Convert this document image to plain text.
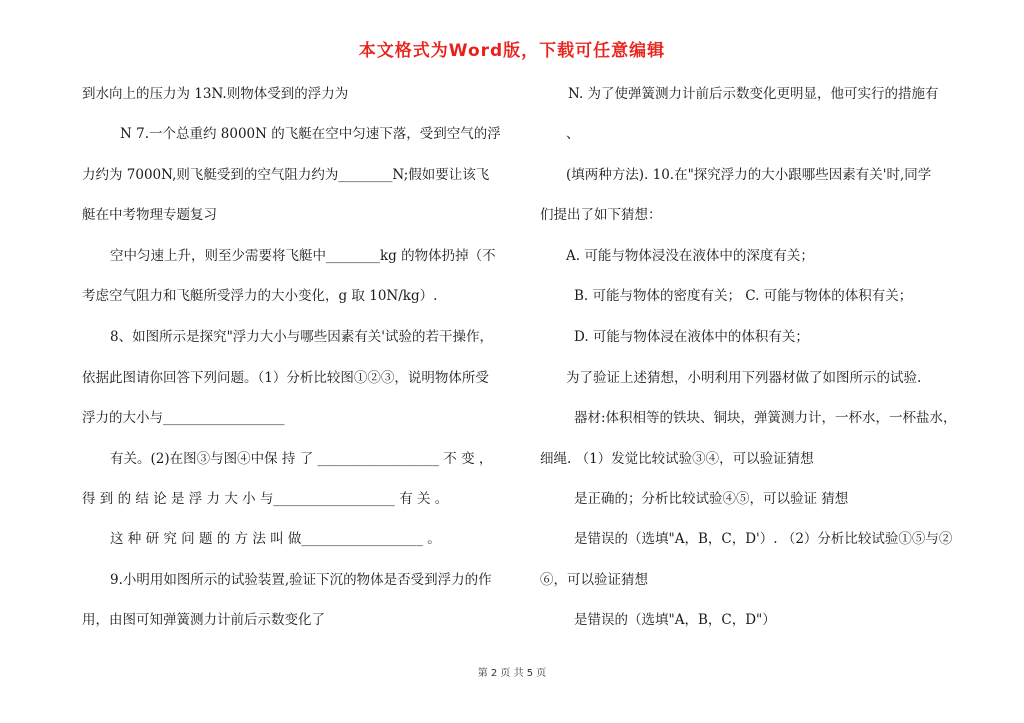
本文格式为Word版，下载可任意编辑
到水向上的压力为 13N.则物体受到的浮力为
N 7.一个总重约 8000N 的飞艇在空中匀速下落，受到空气的浮
力约为 7000N,则飞艇受到的空气阻力约为________N;假如要让该飞
艇在中考物理专题复习
空中匀速上升，则至少需要将飞艇中________kg 的物体扔掉（不
考虑空气阻力和飞艇所受浮力的大小变化，g 取 10N/kg）.
8、如图所示是探究"浮力大小与哪些因素有关'试验的若干操作，
依据此图请你回答下列问题。（1）分析比较图①②③，说明物体所受
浮力的大小与__________________
有关。(2)在图③与图④中保 持 了 __________________ 不 变 ，
得 到 的 结 论 是 浮 力 大 小 与__________________ 有 关 。
这 种 研 究 问 题 的 方 法 叫 做__________________ 。
9.小明用如图所示的试验装置,验证下沉的物体是否受到浮力的作
用，由图可知弹簧测力计前后示数变化了
N. 为了使弹簧测力计前后示数变化更明显，他可实行的措施有
、
(填两种方法). 10.在"探究浮力的大小跟哪些因素有关'时,同学
们提出了如下猜想：
A. 可能与物体浸没在液体中的深度有关；
B. 可能与物体的密度有关； C. 可能与物体的体积有关；
D. 可能与物体浸在液体中的体积有关；
为了验证上述猜想，小明利用下列器材做了如图所示的试验.
器材:体积相等的铁块、铜块，弹簧测力计，一杯水，一杯盐水，
细绳. （1）发觉比较试验③④，可以验证猜想
是正确的；分析比较试验④⑤，可以验证 猜想
是错误的（选填"A，B，C，D'）. （2）分析比较试验①⑤与②
⑥，可以验证猜想
是错误的（选填"A，B，C，D"）
第 2 页 共 5 页
